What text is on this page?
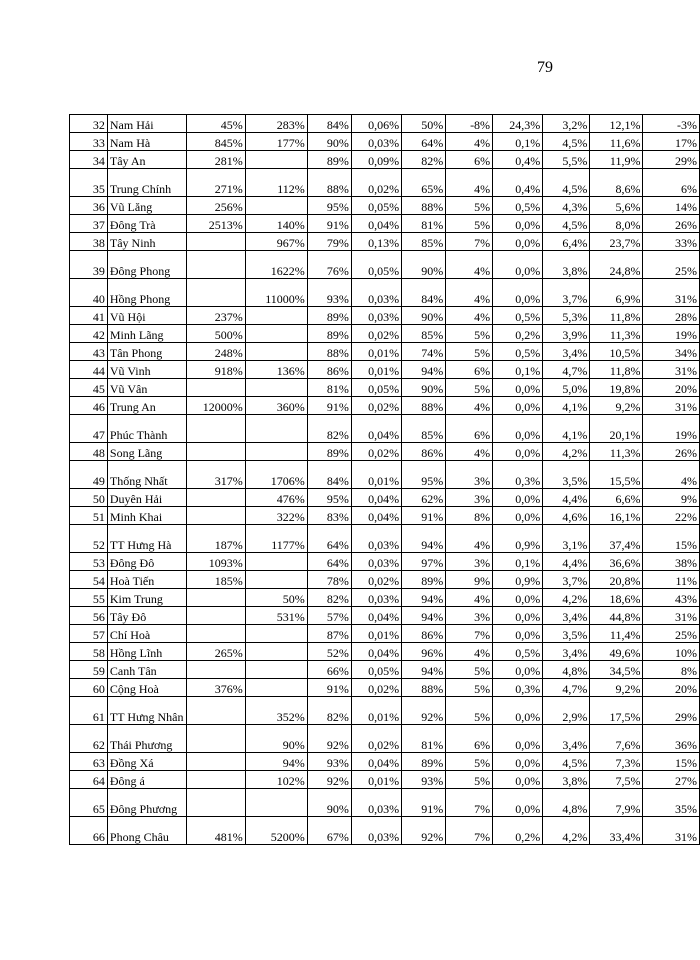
79
32	Nam Hải	45%	283%	84%	0,06%	50%	-8%	24,3%	3,2%	12,1%	-3%
33	Nam Hà	845%	177%	90%	0,03%	64%	4%	0,1%	4,5%	11,6%	17%
34	Tây An	281%		89%	0,09%	82%	6%	0,4%	5,5%	11,9%	29%
35	Trung Chính	271%	112%	88%	0,02%	65%	4%	0,4%	4,5%	8,6%	6%
36	Vũ Lăng	256%		95%	0,05%	88%	5%	0,5%	4,3%	5,6%	14%
37	Đông Trà	2513%	140%	91%	0,04%	81%	5%	0,0%	4,5%	8,0%	26%
38	Tây Ninh		967%	79%	0,13%	85%	7%	0,0%	6,4%	23,7%	33%
39	Đông Phong		1622%	76%	0,05%	90%	4%	0,0%	3,8%	24,8%	25%
40	Hồng Phong		11000%	93%	0,03%	84%	4%	0,0%	3,7%	6,9%	31%
41	Vũ Hội	237%		89%	0,03%	90%	4%	0,5%	5,3%	11,8%	28%
42	Minh Lãng	500%		89%	0,02%	85%	5%	0,2%	3,9%	11,3%	19%
43	Tân Phong	248%		88%	0,01%	74%	5%	0,5%	3,4%	10,5%	34%
44	Vũ Vinh	918%	136%	86%	0,01%	94%	6%	0,1%	4,7%	11,8%	31%
45	Vũ Vân			81%	0,05%	90%	5%	0,0%	5,0%	19,8%	20%
46	Trung An	12000%	360%	91%	0,02%	88%	4%	0,0%	4,1%	9,2%	31%
47	Phúc Thành			82%	0,04%	85%	6%	0,0%	4,1%	20,1%	19%
48	Song Lãng			89%	0,02%	86%	4%	0,0%	4,2%	11,3%	26%
49	Thống Nhất	317%	1706%	84%	0,01%	95%	3%	0,3%	3,5%	15,5%	4%
50	Duyên Hải		476%	95%	0,04%	62%	3%	0,0%	4,4%	6,6%	9%
51	Minh Khai		322%	83%	0,04%	91%	8%	0,0%	4,6%	16,1%	22%
52	TT Hưng Hà	187%	1177%	64%	0,03%	94%	4%	0,9%	3,1%	37,4%	15%
53	Đông Đô	1093%		64%	0,03%	97%	3%	0,1%	4,4%	36,6%	38%
54	Hoà Tiến	185%		78%	0,02%	89%	9%	0,9%	3,7%	20,8%	11%
55	Kim Trung		50%	82%	0,03%	94%	4%	0,0%	4,2%	18,6%	43%
56	Tây Đô		531%	57%	0,04%	94%	3%	0,0%	3,4%	44,8%	31%
57	Chí Hoà			87%	0,01%	86%	7%	0,0%	3,5%	11,4%	25%
58	Hồng Lĩnh	265%		52%	0,04%	96%	4%	0,5%	3,4%	49,6%	10%
59	Canh Tân			66%	0,05%	94%	5%	0,0%	4,8%	34,5%	8%
60	Cộng Hoà	376%		91%	0,02%	88%	5%	0,3%	4,7%	9,2%	20%
61	TT Hưng Nhân		352%	82%	0,01%	92%	5%	0,0%	2,9%	17,5%	29%
62	Thái Phương		90%	92%	0,02%	81%	6%	0,0%	3,4%	7,6%	36%
63	Đồng Xá		94%	93%	0,04%	89%	5%	0,0%	4,5%	7,3%	15%
64	Đông á		102%	92%	0,01%	93%	5%	0,0%	3,8%	7,5%	27%
65	Đông Phương			90%	0,03%	91%	7%	0,0%	4,8%	7,9%	35%
66	Phong Châu	481%	5200%	67%	0,03%	92%	7%	0,2%	4,2%	33,4%	31%
